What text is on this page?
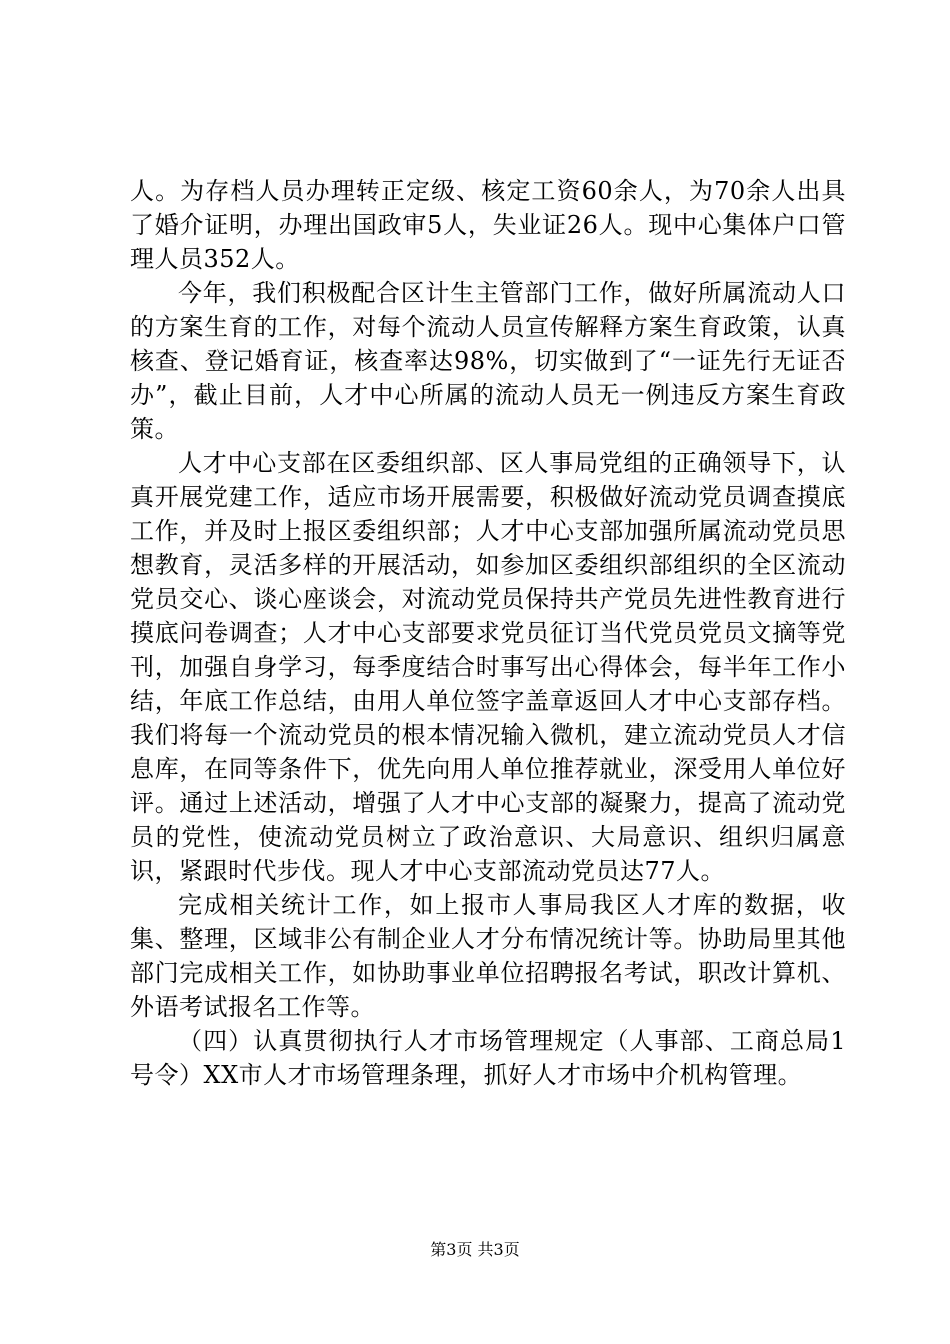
人。为存档人员办理转正定级、核定工资60余人，为70余人出具了婚介证明，办理出国政审5人，失业证26人。现中心集体户口管理人员352人。

今年，我们积极配合区计生主管部门工作，做好所属流动人口的方案生育的工作，对每个流动人员宣传解释方案生育政策，认真核查、登记婚育证，核查率达98%，切实做到了“一证先行无证否办”，截止目前，人才中心所属的流动人员无一例违反方案生育政策。

人才中心支部在区委组织部、区人事局党组的正确领导下，认真开展党建工作，适应市场开展需要，积极做好流动党员调查摸底工作，并及时上报区委组织部；人才中心支部加强所属流动党员思想教育，灵活多样的开展活动，如参加区委组织部组织的全区流动党员交心、谈心座谈会，对流动党员保持共产党员先进性教育进行摸底问卷调查；人才中心支部要求党员征订当代党员党员文摘等党刊，加强自身学习，每季度结合时事写出心得体会，每半年工作小结，年底工作总结，由用人单位签字盖章返回人才中心支部存档。我们将每一个流动党员的根本情况输入微机，建立流动党员人才信息库，在同等条件下，优先向用人单位推荐就业，深受用人单位好评。通过上述活动，增强了人才中心支部的凝聚力，提高了流动党员的党性，使流动党员树立了政治意识、大局意识、组织归属意识，紧跟时代步伐。现人才中心支部流动党员达77人。

完成相关统计工作，如上报市人事局我区人才库的数据，收集、整理，区域非公有制企业人才分布情况统计等。协助局里其他部门完成相关工作，如协助事业单位招聘报名考试，职改计算机、外语考试报名工作等。

（四）认真贯彻执行人才市场管理规定（人事部、工商总局1号令）XX市人才市场管理条理，抓好人才市场中介机构管理。

第3页 共3页
